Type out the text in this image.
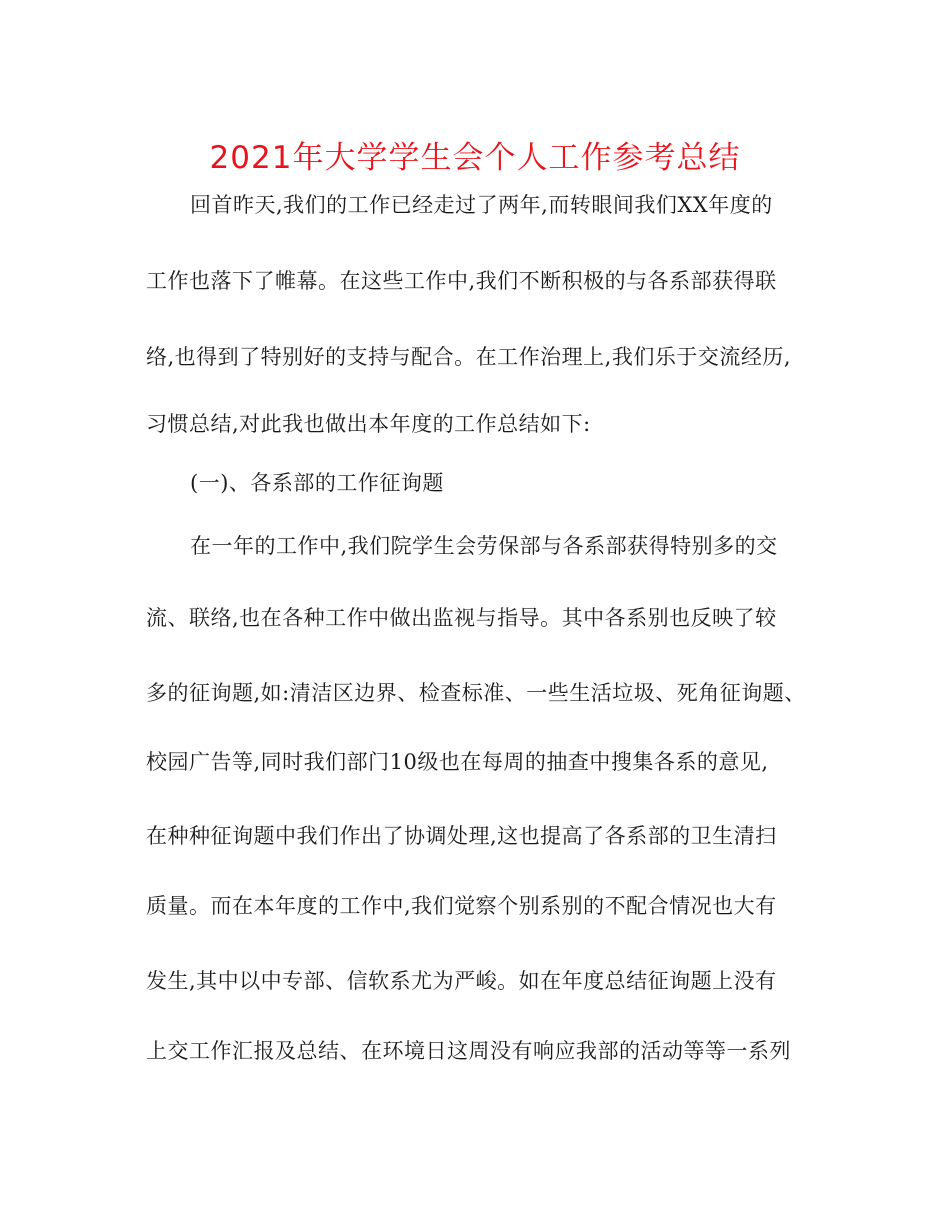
2021年大学学生会个人工作参考总结
回首昨天,我们的工作已经走过了两年,而转眼间我们XX年度的
工作也落下了帷幕。在这些工作中,我们不断积极的与各系部获得联
络,也得到了特别好的支持与配合。在工作治理上,我们乐于交流经历,
习惯总结,对此我也做出本年度的工作总结如下:
(一)、各系部的工作征询题
在一年的工作中,我们院学生会劳保部与各系部获得特别多的交
流、联络,也在各种工作中做出监视与指导。其中各系别也反映了较
多的征询题,如:清洁区边界、检查标准、一些生活垃圾、死角征询题、
校园广告等,同时我们部门10级也在每周的抽查中搜集各系的意见,
在种种征询题中我们作出了协调处理,这也提高了各系部的卫生清扫
质量。而在本年度的工作中,我们觉察个别系别的不配合情况也大有
发生,其中以中专部、信软系尤为严峻。如在年度总结征询题上没有
上交工作汇报及总结、在环境日这周没有响应我部的活动等等一系列
